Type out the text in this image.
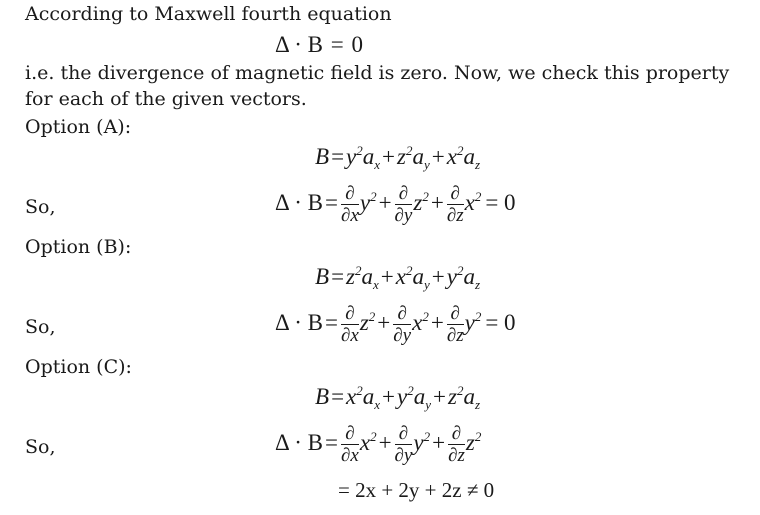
According to Maxwell fourth equation
Δ · B = 0
i.e. the divergence of magnetic field is zero. Now, we check this property for each of the given vectors.
Option (A):
$B=y^2a_x+z^2a_y+x^2a_z$
So,	$\Delta \cdot B= \frac{\partial}{\partial x} y^2+ \frac{\partial}{\partial y} z^2+ \frac{\partial}{\partial z} x^2 = 0$
Option (B):
$B=z^2a_x+x^2a_y+y^2a_z$
So,	$\Delta \cdot B= \frac{\partial}{\partial x} z^2+ \frac{\partial}{\partial y} x^2+ \frac{\partial}{\partial z} y^2 = 0$
Option (C):
$B=x^2a_x+y^2a_y+z^2a_z$
So,	$\Delta \cdot B= \frac{\partial}{\partial x} x^2+ \frac{\partial}{\partial y} y^2+ \frac{\partial}{\partial z} z^2$
= 2x + 2y + 2z ≠ 0
